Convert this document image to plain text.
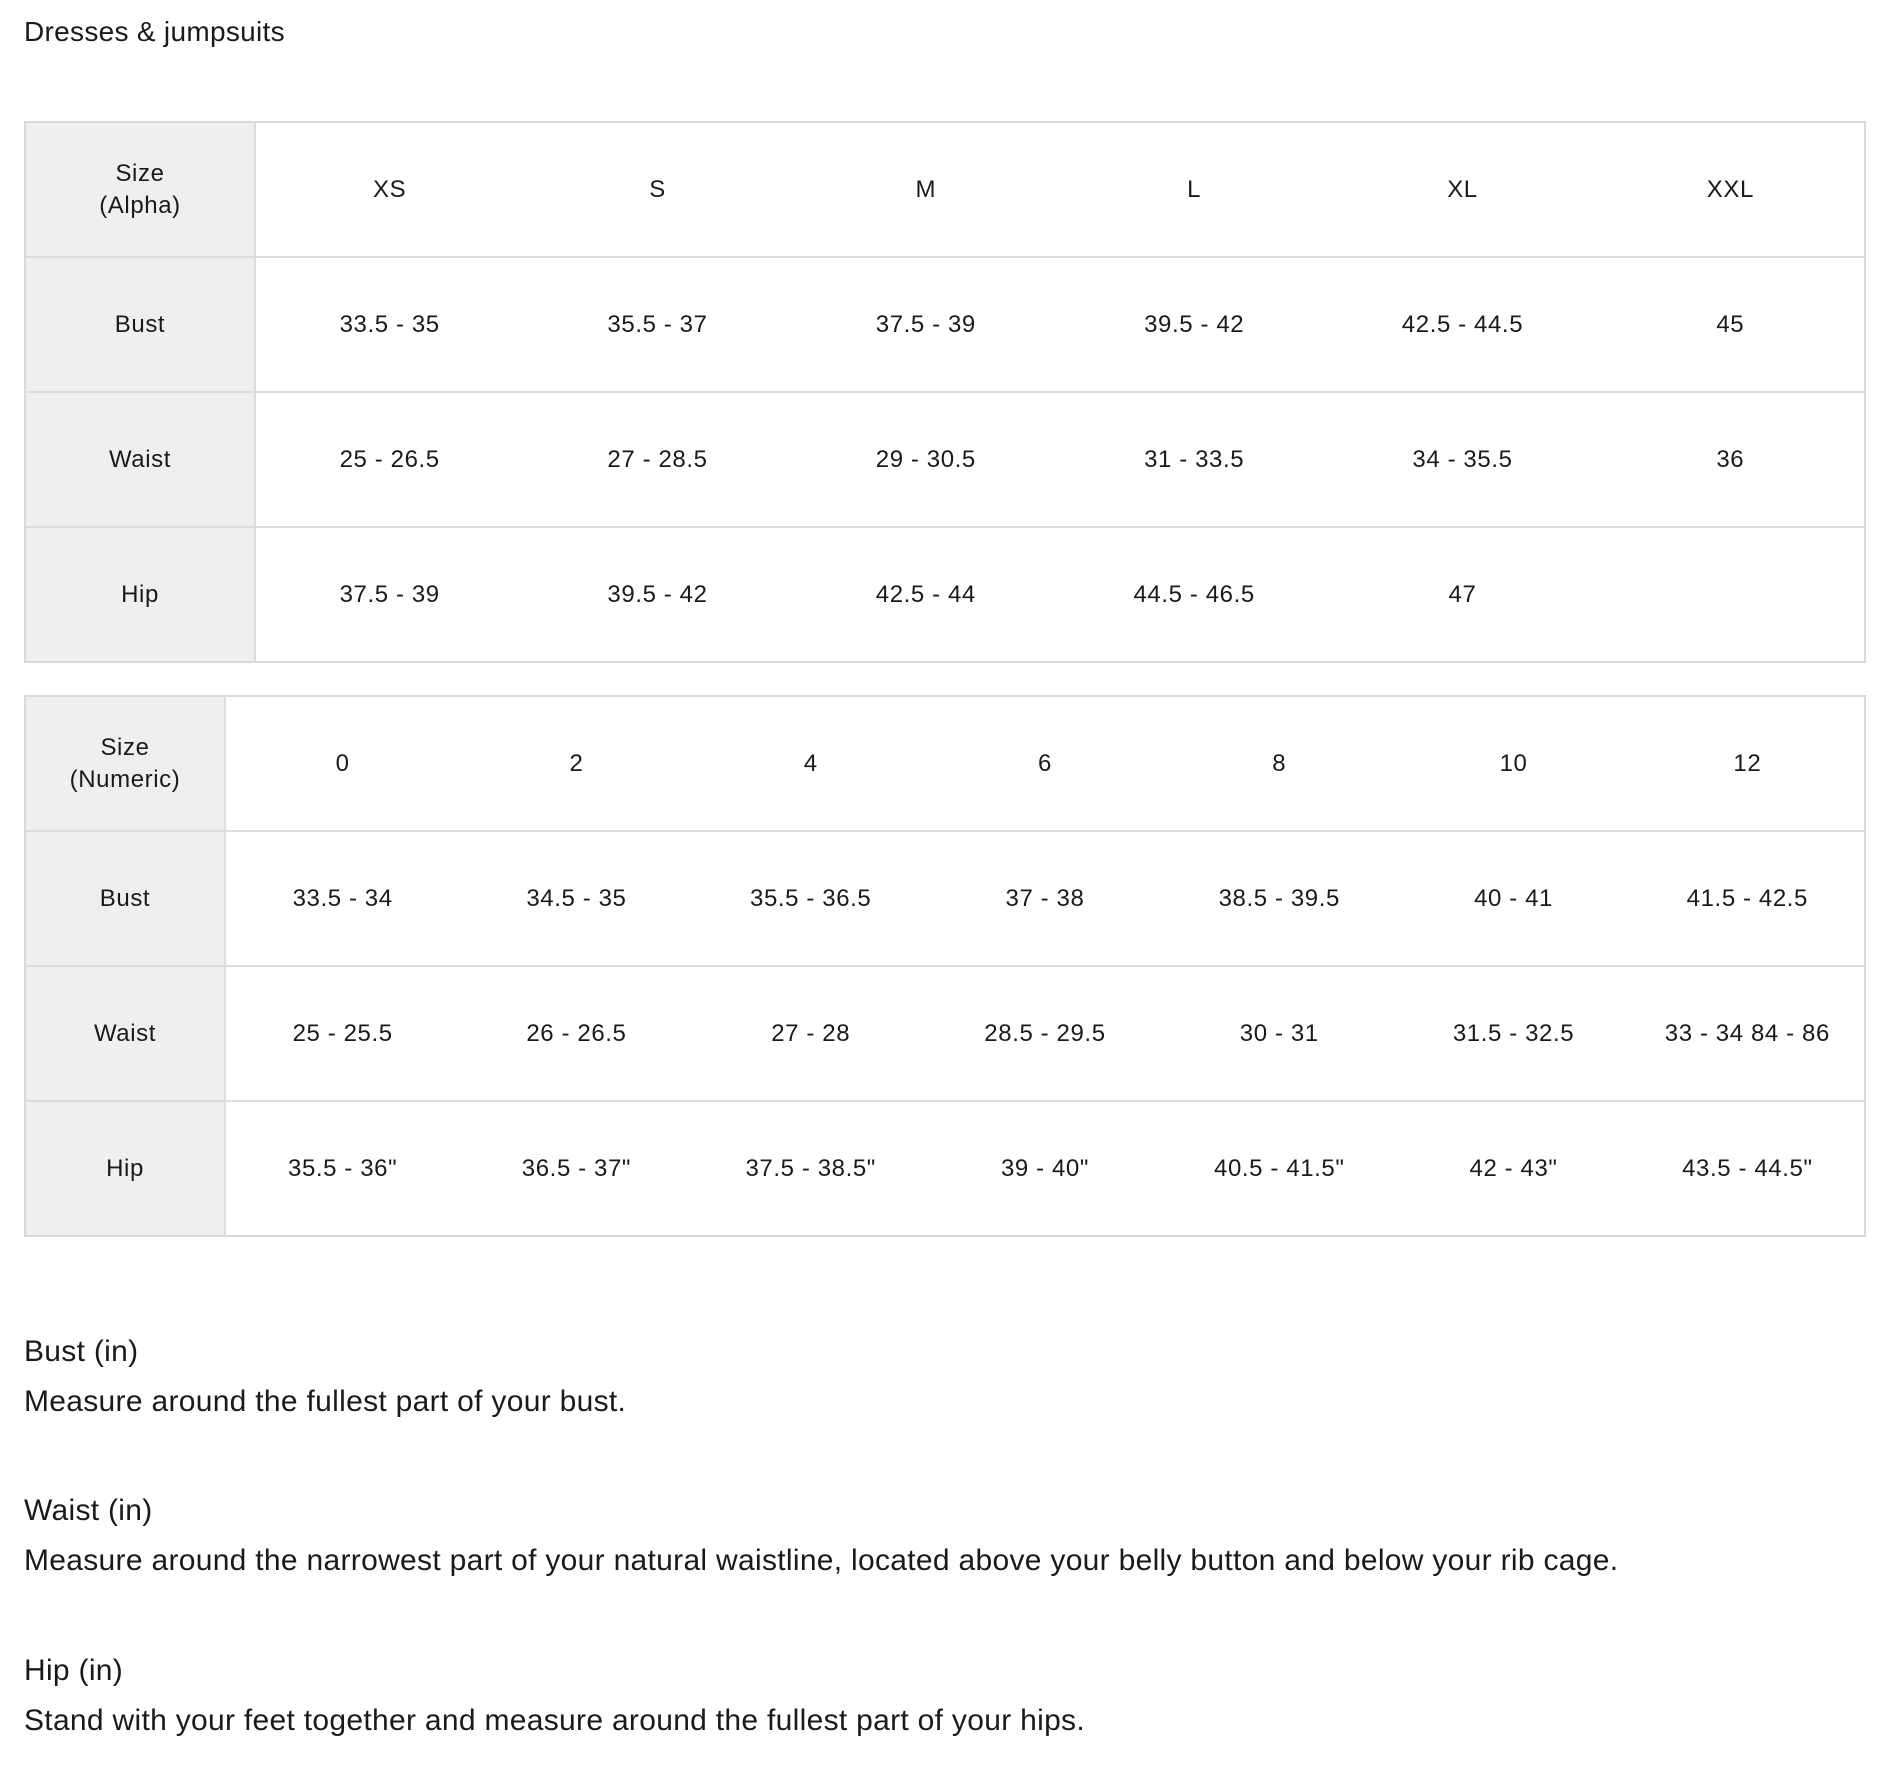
Dresses & jumpsuits
Size
(Alpha)	XS	S	M	L	XL	XXL
Bust	33.5 - 35	35.5 - 37	37.5 - 39	39.5 - 42	42.5 - 44.5	45
Waist	25 - 26.5	27 - 28.5	29 - 30.5	31 - 33.5	34 - 35.5	36
Hip	37.5 - 39	39.5 - 42	42.5 - 44	44.5 - 46.5	47	
Size
(Numeric)	0	2	4	6	8	10	12
Bust	33.5 - 34	34.5 - 35	35.5 - 36.5	37 - 38	38.5 - 39.5	40 - 41	41.5 - 42.5
Waist	25 - 25.5	26 - 26.5	27 - 28	28.5 - 29.5	30 - 31	31.5 - 32.5	33 - 34 84 - 86
Hip	35.5 - 36"	36.5 - 37"	37.5 - 38.5"	39 - 40"	40.5 - 41.5"	42 - 43"	43.5 - 44.5"

Bust (in)

Measure around the fullest part of your bust.

Waist (in)

Measure around the narrowest part of your natural waistline, located above your belly button and below your rib cage.

Hip (in)

Stand with your feet together and measure around the fullest part of your hips.
